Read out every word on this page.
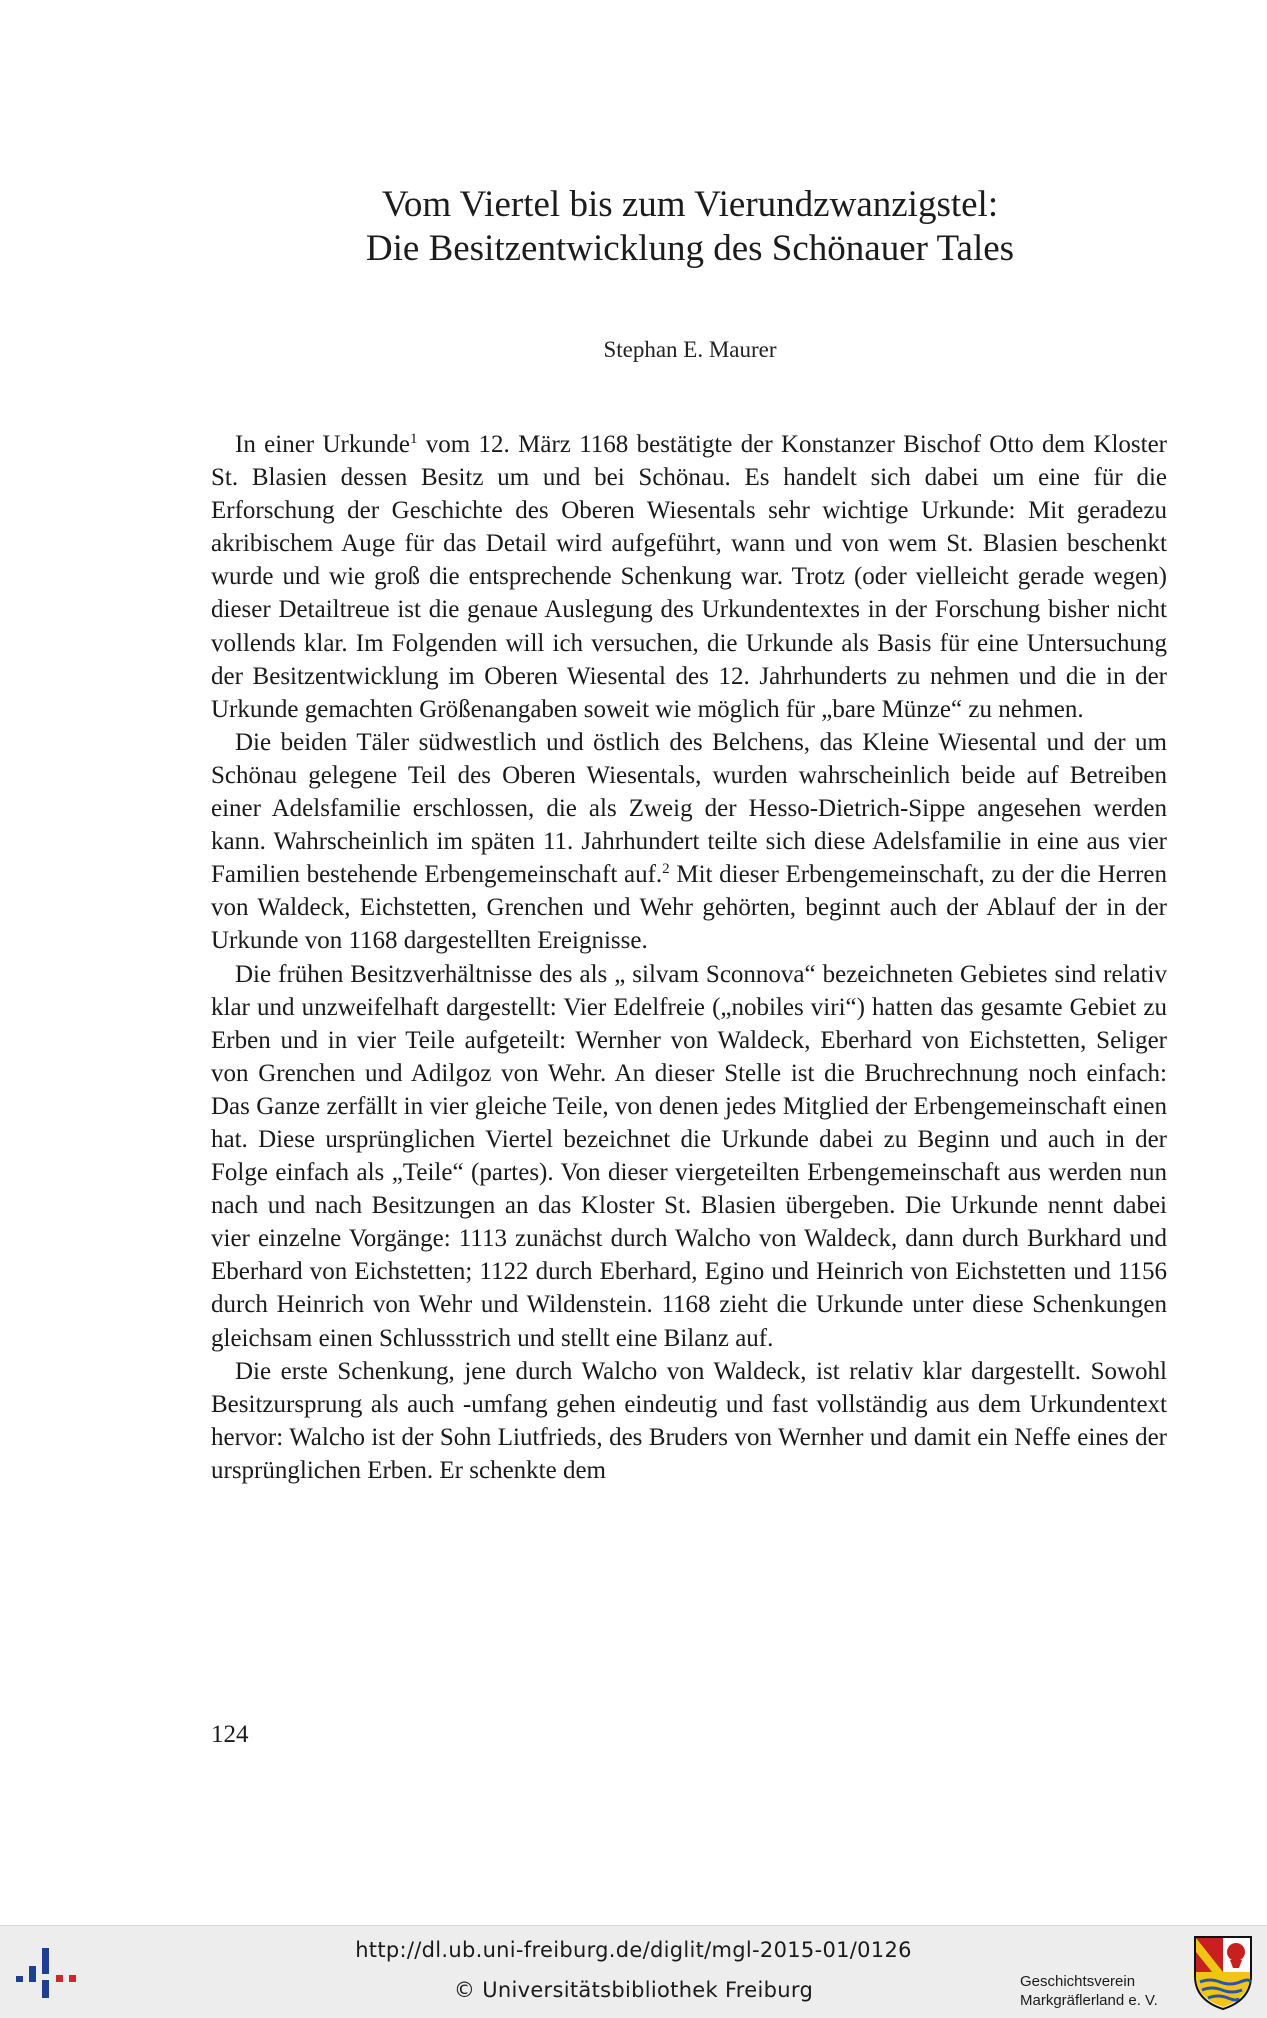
Vom Viertel bis zum Vierundzwanzigstel:
Die Besitzentwicklung des Schönauer Tales
Stephan E. Maurer

In einer Urkunde$^1$ vom 12. März 1168 bestätigte der Konstanzer Bischof Otto dem Kloster St. Blasien dessen Besitz um und bei Schönau. Es handelt sich dabei um eine für die Erforschung der Geschichte des Oberen Wiesentals sehr wichtige Urkunde: Mit geradezu akribischem Auge für das Detail wird aufgeführt, wann und von wem St. Blasien beschenkt wurde und wie groß die entsprechende Schenkung war. Trotz (oder vielleicht gerade wegen) dieser Detailtreue ist die genaue Auslegung des Urkundentextes in der Forschung bisher nicht vollends klar. Im Folgenden will ich versuchen, die Urkunde als Basis für eine Untersuchung der Besitzentwicklung im Oberen Wiesental des 12. Jahrhunderts zu nehmen und die in der Urkunde gemachten Größenangaben soweit wie möglich für „bare Münze“ zu nehmen.

Die beiden Täler südwestlich und östlich des Belchens, das Kleine Wiesental und der um Schönau gelegene Teil des Oberen Wiesentals, wurden wahrscheinlich beide auf Betreiben einer Adelsfamilie erschlossen, die als Zweig der Hesso-Dietrich-Sippe angesehen werden kann. Wahrscheinlich im späten 11. Jahrhundert teilte sich diese Adelsfamilie in eine aus vier Familien bestehende Erbengemeinschaft auf.$^2$ Mit dieser Erbengemeinschaft, zu der die Herren von Waldeck, Eichstetten, Grenchen und Wehr gehörten, beginnt auch der Ablauf der in der Urkunde von 1168 dargestellten Ereignisse.

Die frühen Besitzverhältnisse des als „ silvam Sconnova“ bezeichneten Gebietes sind relativ klar und unzweifelhaft dargestellt: Vier Edelfreie („nobiles viri“) hatten das gesamte Gebiet zu Erben und in vier Teile aufgeteilt: Wernher von Waldeck, Eberhard von Eichstetten, Seliger von Grenchen und Adilgoz von Wehr. An dieser Stelle ist die Bruchrechnung noch einfach: Das Ganze zerfällt in vier gleiche Teile, von denen jedes Mitglied der Erbengemeinschaft einen hat. Diese ursprünglichen Viertel bezeichnet die Urkunde dabei zu Beginn und auch in der Folge einfach als „Teile“ (partes). Von dieser viergeteilten Erbengemeinschaft aus werden nun nach und nach Besitzungen an das Kloster St. Blasien übergeben. Die Urkunde nennt dabei vier einzelne Vorgänge: 1113 zunächst durch Walcho von Waldeck, dann durch Burkhard und Eberhard von Eichstetten; 1122 durch Eberhard, Egino und Heinrich von Eichstetten und 1156 durch Heinrich von Wehr und Wildenstein. 1168 zieht die Urkunde unter diese Schenkungen gleichsam einen Schlussstrich und stellt eine Bilanz auf.

Die erste Schenkung, jene durch Walcho von Waldeck, ist relativ klar dargestellt. Sowohl Besitzursprung als auch -umfang gehen eindeutig und fast vollständig aus dem Urkundentext hervor: Walcho ist der Sohn Liutfrieds, des Bruders von Wernher und damit ein Neffe eines der ursprünglichen Erben. Er schenkte dem

124
http://dl.ub.uni-freiburg.de/diglit/mgl-2015-01/0126
© Universitätsbibliothek Freiburg	Geschichtsverein
Markgräflerland e. V.
